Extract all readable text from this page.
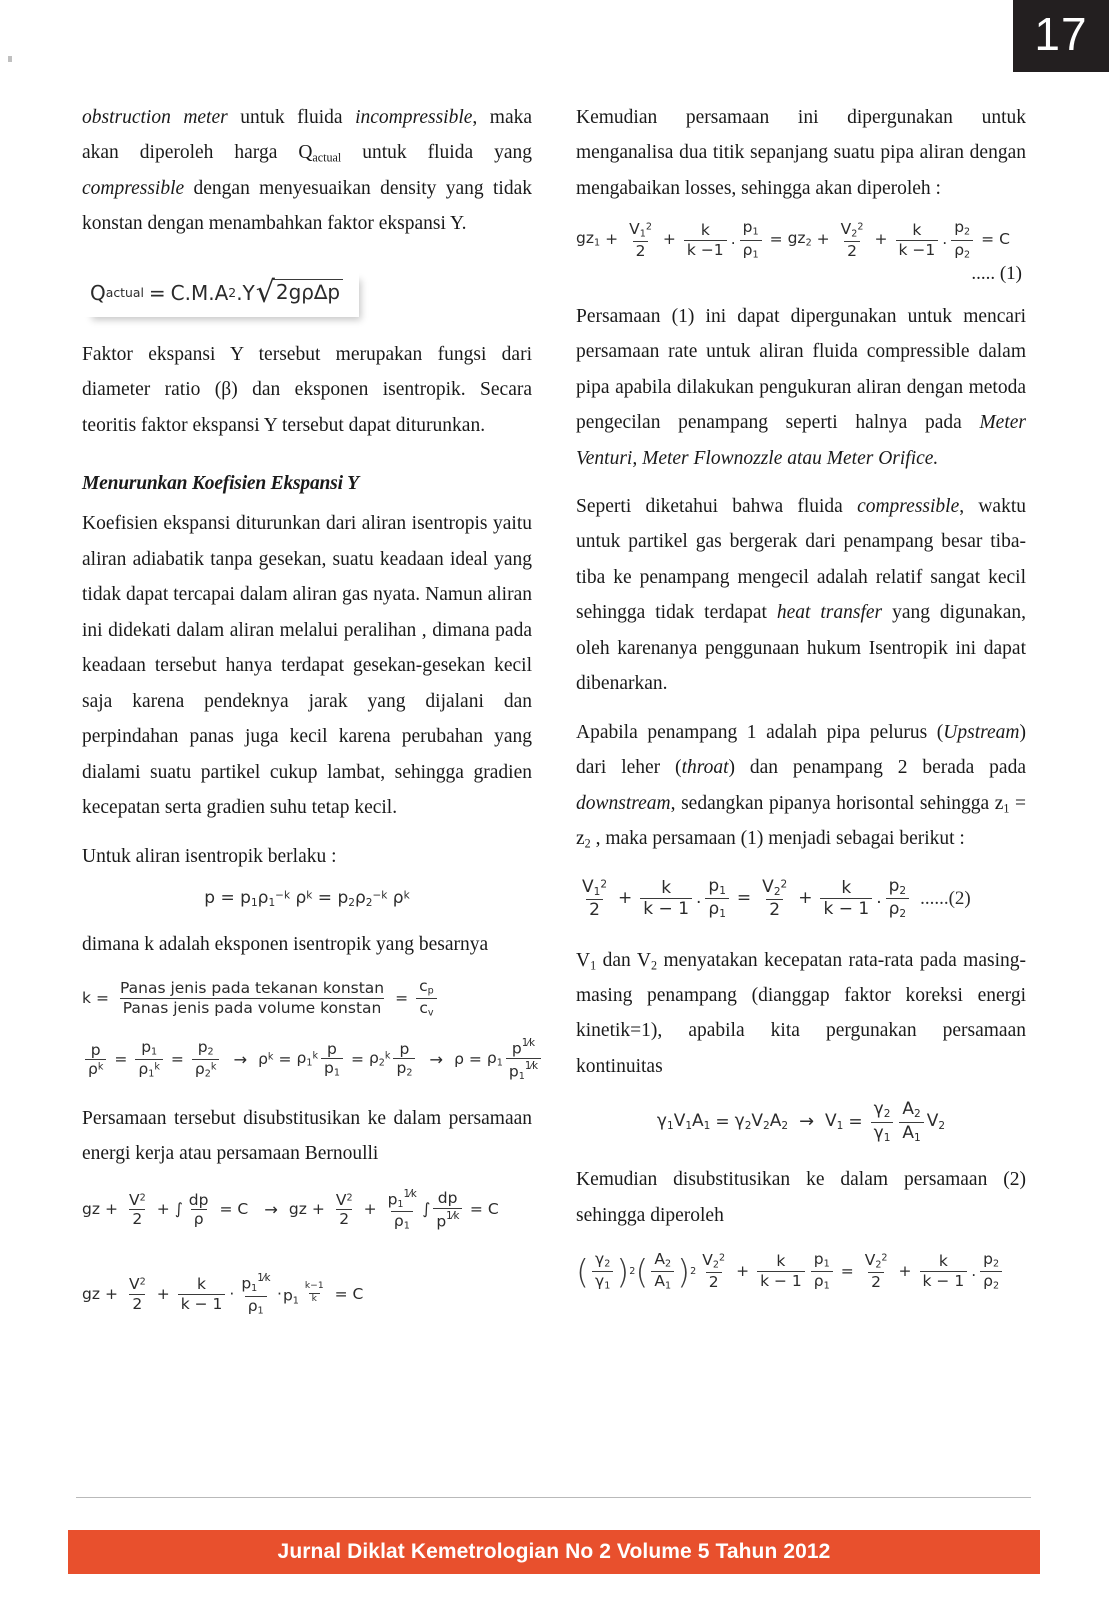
17

obstruction meter untuk fluida incompressible, maka akan diperoleh harga $Q_{actual}$ untuk fluida yang compressible dengan menyesuaikan density yang tidak konstan dengan menambahkan faktor ekspansi Y.

Q actual = C.M.A 2 .Y √ 2gρ∆p

Faktor ekspansi Y tersebut merupakan fungsi dari diameter ratio (β) dan eksponen isentropik. Secara teoritis faktor ekspansi Y tersebut dapat diturunkan.

Menurunkan Koefisien Ekspansi Y

Koefisien ekspansi diturunkan dari aliran isentropis yaitu aliran adiabatik tanpa gesekan, suatu keadaan ideal yang tidak dapat tercapai dalam aliran gas nyata. Namun aliran ini didekati dalam aliran melalui peralihan , dimana pada keadaan tersebut hanya terdapat gesekan-gesekan kecil saja karena pendeknya jarak yang dijalani dan perpindahan panas juga kecil karena perubahan yang dialami suatu partikel cukup lambat, sehingga gradien kecepatan serta gradien suhu tetap kecil.

Untuk aliran isentropik berlaku :

$p = p_1\rho_1^{-k}$ $\rho^k = p_2\rho_2^{-k}$ $\rho^k$

dimana k adalah eksponen isentropik yang besarnya

$k = \frac{\text{Panas jenis pada tekanan konstan}}{\text{Panas jenis pada volume konstan}} = \frac{c_p}{c_v}$
$\frac{p}{\rho^k} = \frac{p_1}{\rho_1^k} = \frac{p_2}{\rho_2^k} \to \rho^k = \rho_1^k \frac{p}{p_1} = \rho_2^k \frac{p}{p_2} \to \rho = \rho_1 \frac{p1⁄k}{p_11⁄k}$

Persamaan tersebut disubstitusikan ke dalam persamaan energi kerja atau persamaan Bernoulli

gz + $\frac{V^2}{2}$ + ∫ $\frac{dp}{\rho} = C$ → gz + $\frac{V^2}{2} + \frac{p_11⁄k}{\rho_1}$ ∫ $\frac{dp}{p1⁄k} = C$
gz + $\frac{V^2}{2} + \frac{k}{k - 1} \cdot \frac{p_11⁄k}{\rho_1} \cdot p_1$ $^{\frac{k-1}{k}}$ = C

Kemudian persamaan ini dipergunakan untuk menganalisa dua titik sepanjang suatu pipa aliran dengan mengabaikan losses, sehingga akan diperoleh :

$gz_1 + \frac{V_1^2}{2} + \frac{k}{k -1}$ . $\frac{p_1}{\rho_1} = gz_2 + \frac{V_2^2}{2} + \frac{k}{k -1}$ . $\frac{p_2}{\rho_2} = C$
..... (1)

Persamaan (1) ini dapat dipergunakan untuk mencari persamaan rate untuk aliran fluida compressible dalam pipa apabila dilakukan pengukuran aliran dengan metoda pengecilan penampang seperti halnya pada Meter Venturi, Meter Flownozzle atau Meter Orifice.

Seperti diketahui bahwa fluida compressible, waktu untuk partikel gas bergerak dari penampang besar tiba-tiba ke penampang mengecil adalah relatif sangat kecil sehingga tidak terdapat heat transfer yang digunakan, oleh karenanya penggunaan hukum Isentropik ini dapat dibenarkan.

Apabila penampang 1 adalah pipa pelurus (Upstream) dari leher (throat) dan penampang 2 berada pada downstream, sedangkan pipanya horisontal sehingga $z_1 = z_2$ , maka persamaan (1) menjadi sebagai berikut :

$\frac{V_1^2}{2} + \frac{k}{k - 1}$ . $\frac{p_1}{\rho_1} = \frac{V_2^2}{2} + \frac{k}{k - 1}$ . $\frac{p_2}{\rho_2} ......(2)$

$V_1$ dan $V_2$ menyatakan kecepatan rata-rata pada masing-masing penampang (dianggap faktor koreksi energi kinetik=1), apabila kita pergunakan persamaan kontinuitas

$\gamma_1V_1A_1 = \gamma_2V_2A_2 \to V_1 = \frac{\gamma_2}{\gamma_1} \frac{A_2}{A_1} V_2$

Kemudian disubstitusikan ke dalam persamaan (2) sehingga diperoleh

( $\frac{\gamma_2}{\gamma_1}$ ) 2 ( $\frac{A_2}{A_1}$ ) $2 \frac{V_2^2}{2} + \frac{k}{k - 1} \frac{p_1}{\rho_1} = \frac{V_2^2}{2} + \frac{k}{k - 1}$ . $\frac{p_2}{\rho_2}$
Jurnal Diklat Kemetrologian No 2 Volume 5 Tahun 2012
